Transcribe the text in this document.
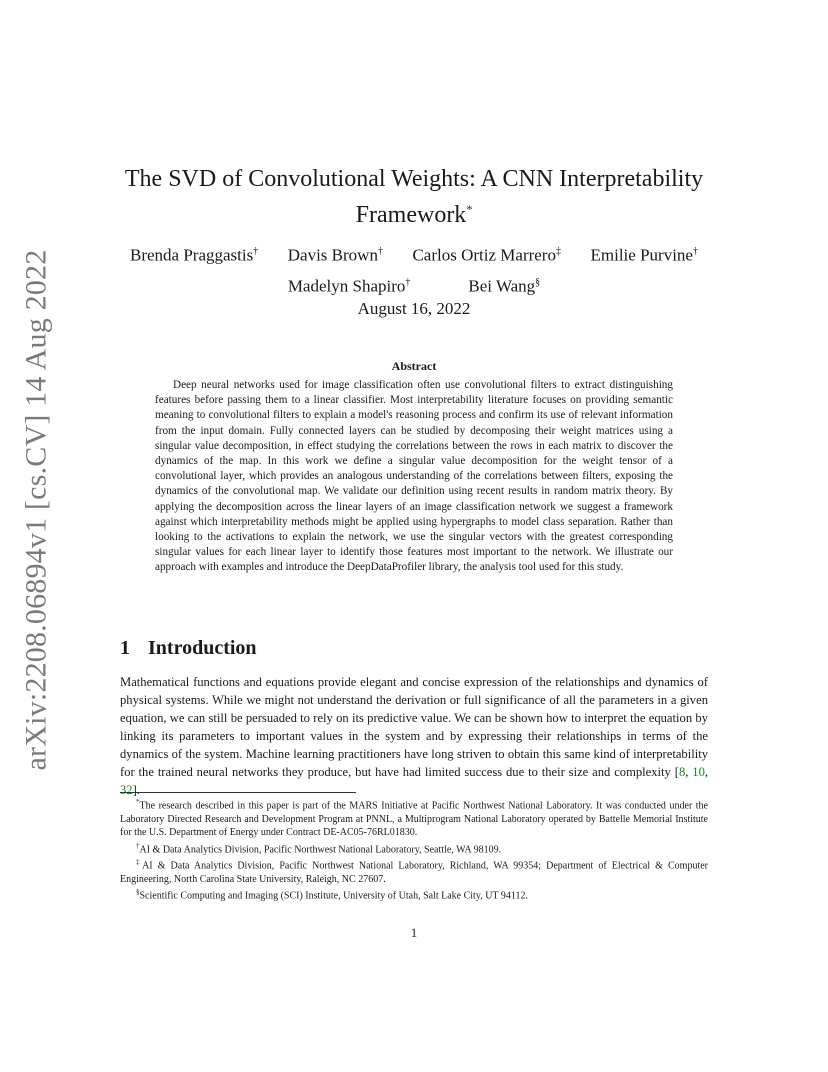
arXiv:2208.06894v1 [cs.CV] 14 Aug 2022
The SVD of Convolutional Weights: A CNN Interpretability
Framework*
Brenda Praggastis† Davis Brown† Carlos Ortiz Marrero‡ Emilie Purvine†
Madelyn Shapiro†	Bei Wang§
August 16, 2022
Abstract

Deep neural networks used for image classification often use convolutional filters to extract distinguishing features before passing them to a linear classifier. Most interpretability literature focuses on providing semantic meaning to convolutional filters to explain a model's reasoning process and confirm its use of relevant information from the input domain. Fully connected layers can be studied by decomposing their weight matrices using a singular value decomposition, in effect studying the correlations between the rows in each matrix to discover the dynamics of the map. In this work we define a singular value decomposition for the weight tensor of a convolutional layer, which provides an analogous understanding of the correlations between filters, exposing the dynamics of the convolutional map. We validate our definition using recent results in random matrix theory. By applying the decomposition across the linear layers of an image classification network we suggest a framework against which interpretability methods might be applied using hypergraphs to model class separation. Rather than looking to the activations to explain the network, we use the singular vectors with the greatest corresponding singular values for each linear layer to identify those features most important to the network. We illustrate our approach with examples and introduce the DeepDataProfiler library, the analysis tool used for this study.

1 Introduction

Mathematical functions and equations provide elegant and concise expression of the relationships and dynamics of physical systems. While we might not understand the derivation or full significance of all the parameters in a given equation, we can still be persuaded to rely on its predictive value. We can be shown how to interpret the equation by linking its parameters to important values in the system and by expressing their relationships in terms of the dynamics of the system. Machine learning practitioners have long striven to obtain this same kind of interpretability for the trained neural networks they produce, but have had limited success due to their size and complexity [8, 10, 32].

*The research described in this paper is part of the MARS Initiative at Pacific Northwest National Laboratory. It was conducted under the Laboratory Directed Research and Development Program at PNNL, a Multiprogram National Laboratory operated by Battelle Memorial Institute for the U.S. Department of Energy under Contract DE-AC05-76RL01830.

†AI & Data Analytics Division, Pacific Northwest National Laboratory, Seattle, WA 98109.

‡AI & Data Analytics Division, Pacific Northwest National Laboratory, Richland, WA 99354; Department of Electrical & Computer Engineering, North Carolina State University, Raleigh, NC 27607.

§Scientific Computing and Imaging (SCI) Institute, University of Utah, Salt Lake City, UT 94112.

1
